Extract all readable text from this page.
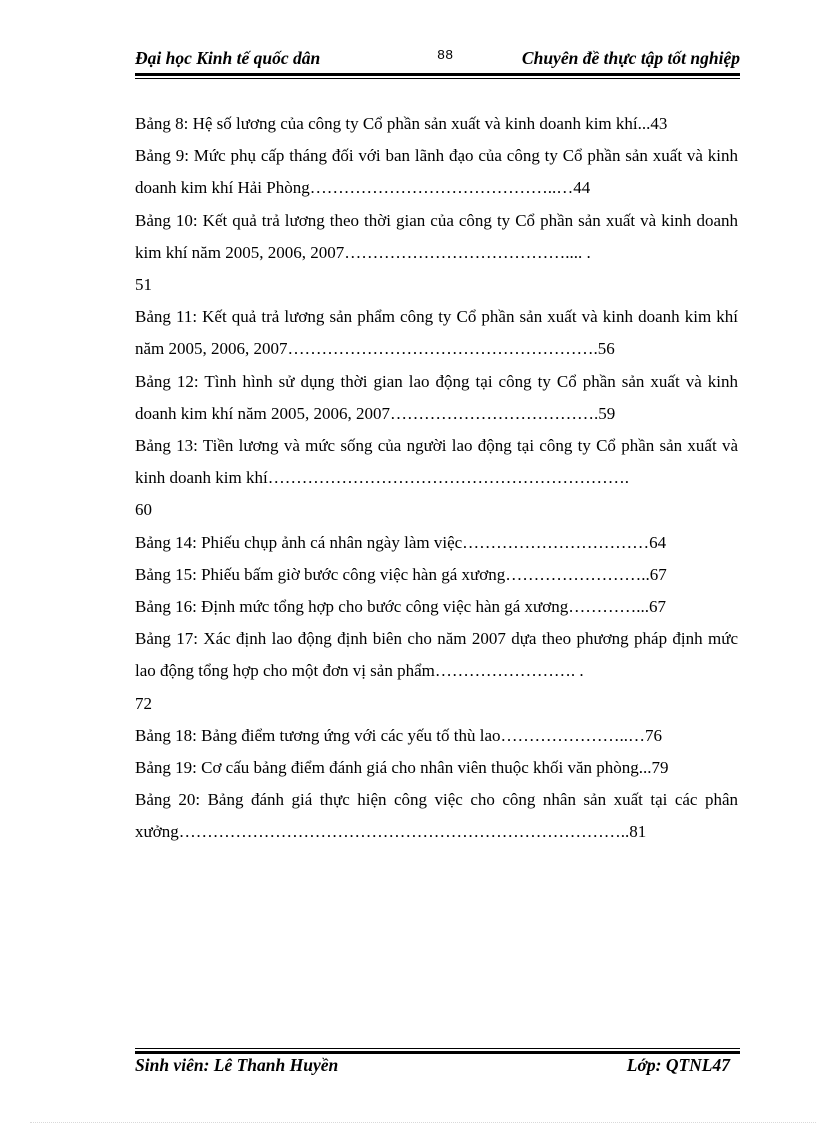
Đại học Kinh tế quốc dân	88	Chuyên đề thực tập tốt nghiệp
Bảng 8: Hệ số lương của công ty Cổ phần sản xuất và kinh doanh kim khí...43
Bảng 9: Mức phụ cấp tháng đối với ban lãnh đạo của công ty Cổ phần sản xuất và kinh doanh kim khí Hải Phòng……………………………………..…44
Bảng 10: Kết quả trả lương theo thời gian của công ty Cổ phần sản xuất và kinh doanh kim khí năm 2005, 2006, 2007………………………………….... .
51
Bảng 11: Kết quả trả lương sản phẩm công ty Cổ phần sản xuất và kinh doanh kim khí năm 2005, 2006, 2007……………………………………………….56
Bảng 12: Tình hình sử dụng thời gian lao động tại công ty Cổ phần sản xuất và kinh doanh kim khí năm 2005, 2006, 2007……………………………….59
Bảng 13: Tiền lương và mức sống của người lao động tại công ty Cổ phần sản xuất và kinh doanh kim khí……………………………………………………….
60
Bảng 14: Phiếu chụp ảnh cá nhân ngày làm việc……………………………64
Bảng 15: Phiếu bấm giờ bước công việc hàn gá xương……………………..67
Bảng 16: Định mức tổng hợp cho bước công việc hàn gá xương…………...67
Bảng 17: Xác định lao động định biên cho năm 2007 dựa theo phương pháp định mức lao động tổng hợp cho một đơn vị sản phẩm……………………. .
72
Bảng 18: Bảng điểm tương ứng với các yếu tố thù lao…………………..…76
Bảng 19: Cơ cấu bảng điểm đánh giá cho nhân viên thuộc khối văn phòng...79
Bảng 20: Bảng đánh giá thực hiện công việc cho công nhân sản xuất tại các phân xưởng……………………………………………………………………..81
Sinh viên: Lê Thanh Huyền	Lớp: QTNL47
